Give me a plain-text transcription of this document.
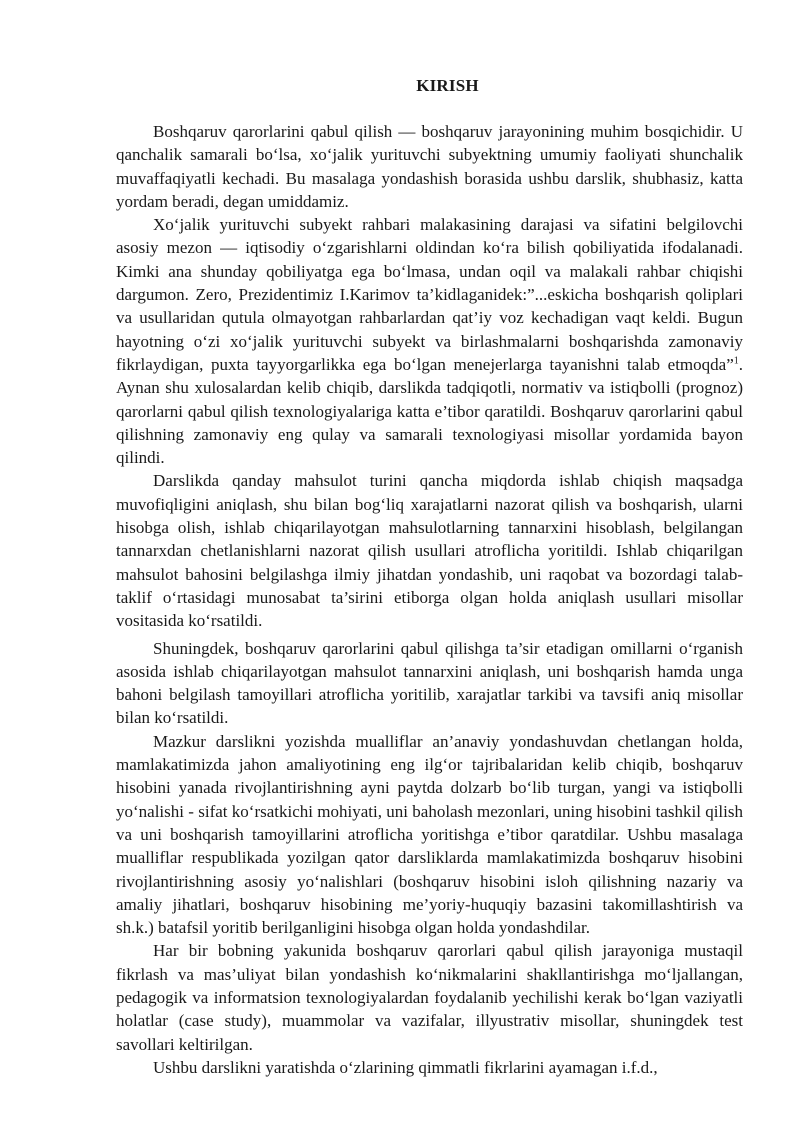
KIRISH

Boshqaruv qarorlarini qabul qilish — boshqaruv jarayonining muhim bosqichidir. U qanchalik samarali boʻlsa, xoʻjalik yurituvchi subyektning umumiy faoliyati shunchalik muvaffaqiyatli kechadi. Bu masalaga yondashish borasida ushbu darslik, shubhasiz, katta yordam beradi, degan umiddamiz.

Xoʻjalik yurituvchi subyekt rahbari malakasining darajasi va sifatini belgilovchi asosiy mezon — iqtisodiy oʻzgarishlarni oldindan koʻra bilish qobiliyatida ifodalanadi. Kimki ana shunday qobiliyatga ega boʻlmasa, undan oqil va malakali rahbar chiqishi dargumon. Zero, Prezidentimiz I.Karimov ta’kidlaganidek:”...eskicha boshqarish qoliplari va usullaridan qutula olmayotgan rahbarlardan qat’iy voz kechadigan vaqt keldi. Bugun hayotning oʻzi xoʻjalik yurituvchi subyekt va birlashmalarni boshqarishda zamonaviy fikrlaydigan, puxta tayyorgarlikka ega boʻlgan menejerlarga tayanishni talab etmoqda”$^1$. Aynan shu xulosalardan kelib chiqib, darslikda tadqiqotli, normativ va istiqbolli (prognoz) qarorlarni qabul qilish texnologiyalariga katta e’tibor qaratildi. Boshqaruv qarorlarini qabul qilishning zamonaviy eng qulay va samarali texnologiyasi misollar yordamida bayon qilindi.

Darslikda qanday mahsulot turini qancha miqdorda ishlab chiqish maqsadga muvofiqligini aniqlash, shu bilan bogʻliq xarajatlarni nazorat qilish va boshqarish, ularni hisobga olish, ishlab chiqarilayotgan mahsulotlarning tannarxini hisoblash, belgilangan tannarxdan chetlanishlarni nazorat qilish usullari atroflicha yoritildi. Ishlab chiqarilgan mahsulot bahosini belgilashga ilmiy jihatdan yondashib, uni raqobat va bozordagi talab-taklif oʻrtasidagi munosabat ta’sirini etiborga olgan holda aniqlash usullari misollar vositasida koʻrsatildi.

Shuningdek, boshqaruv qarorlarini qabul qilishga ta’sir etadigan omillarni oʻrganish asosida ishlab chiqarilayotgan mahsulot tannarxini aniqlash, uni boshqarish hamda unga bahoni belgilash tamoyillari atroflicha yoritilib, xarajatlar tarkibi va tavsifi aniq misollar bilan koʻrsatildi.

Mazkur darslikni yozishda mualliflar an’anaviy yondashuvdan chetlangan holda, mamlakatimizda jahon amaliyotining eng ilgʻor tajribalaridan kelib chiqib, boshqaruv hisobini yanada rivojlantirishning ayni paytda dolzarb boʻlib turgan, yangi va istiqbolli yoʻnalishi - sifat koʻrsatkichi mohiyati, uni baholash mezonlari, uning hisobini tashkil qilish va uni boshqarish tamoyillarini atroflicha yoritishga e’tibor qaratdilar. Ushbu masalaga mualliflar respublikada yozilgan qator darsliklarda mamlakatimizda boshqaruv hisobini rivojlantirishning asosiy yoʻnalishlari (boshqaruv hisobini isloh qilishning nazariy va amaliy jihatlari, boshqaruv hisobining me’yoriy-huquqiy bazasini takomillashtirish va sh.k.) batafsil yoritib berilganligini hisobga olgan holda yondashdilar.

Har bir bobning yakunida boshqaruv qarorlari qabul qilish jarayoniga mustaqil fikrlash va mas’uliyat bilan yondashish koʻnikmalarini shakllantirishga moʻljallangan, pedagogik va informatsion texnologiyalardan foydalanib yechilishi kerak boʻlgan vaziyatli holatlar (case study), muammolar va vazifalar, illyustrativ misollar, shuningdek test savollari keltirilgan.

Ushbu darslikni yaratishda oʻzlarining qimmatli fikrlarini ayamagan i.f.d.,
